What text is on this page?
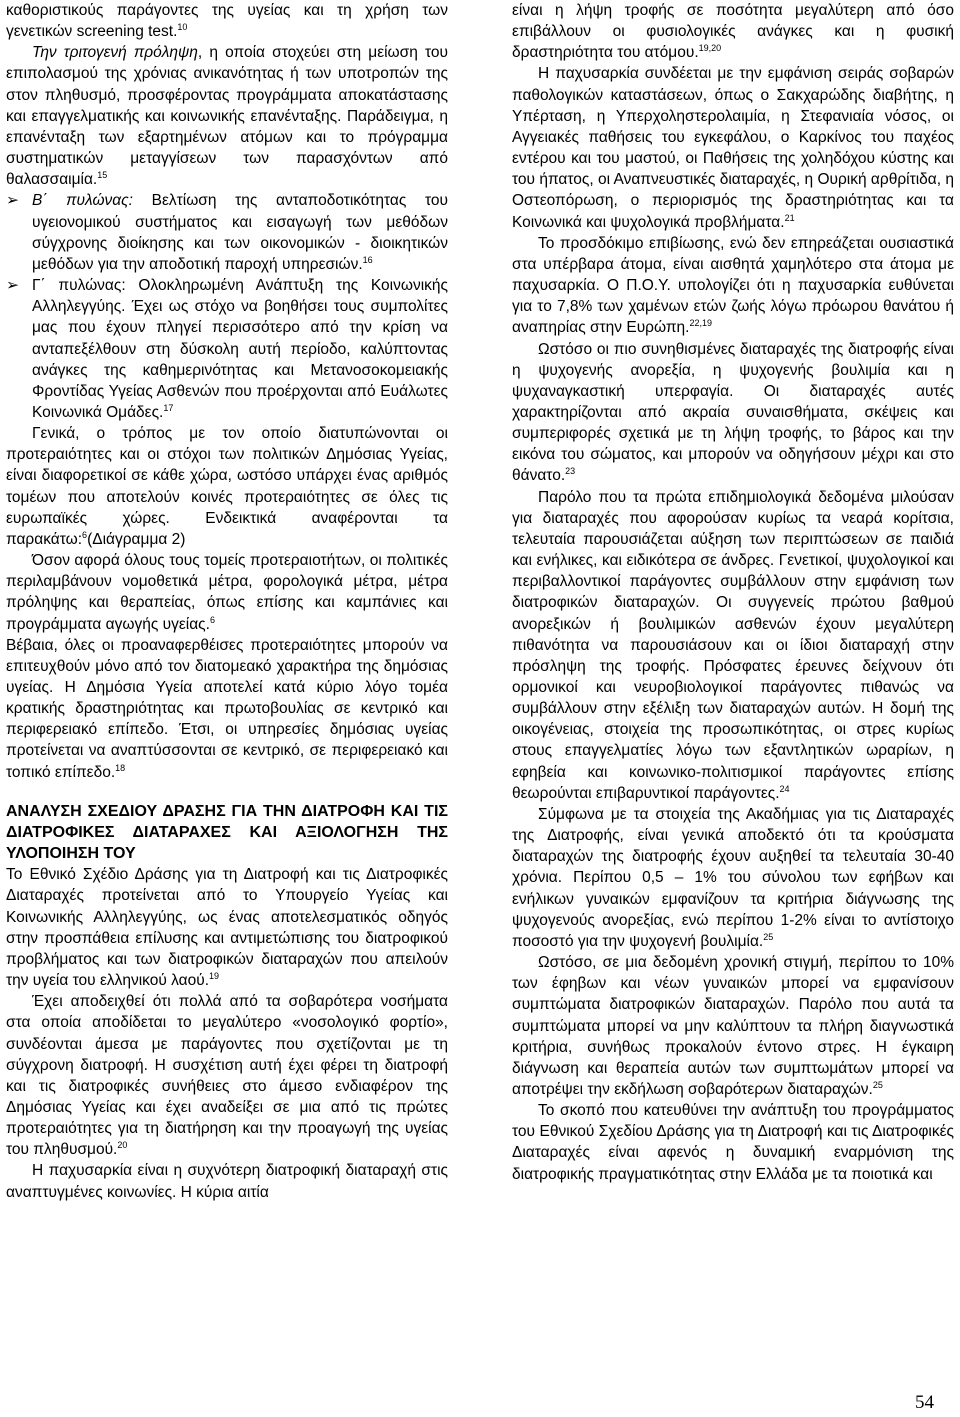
καθοριστικούς παράγοντες της υγείας και τη χρήση των γενετικών screening test.$^{10}$

Την τριτογενή πρόληψη, η οποία στοχεύει στη μείωση του επιπολασμού της χρόνιας ανικανότητας ή των υποτροπών της στον πληθυσμό, προσφέροντας προγράμματα αποκατάστασης και επαγγελματικής και κοινωνικής επανένταξης. Παράδειγμα, η επανένταξη των εξαρτημένων ατόμων και το πρόγραμμα συστηματικών μεταγγίσεων των παρασχόντων από θαλασσαιμία.$^{15}$

➢ Β΄ πυλώνας: Βελτίωση της ανταποδοτικότητας του υγειονομικού συστήματος και εισαγωγή των μεθόδων σύγχρονης διοίκησης και των οικονομικών - διοικητικών μεθόδων για την αποδοτική παροχή υπηρεσιών.$^{16}$

➢ Γ΄ πυλώνας: Ολοκληρωμένη Ανάπτυξη της Κοινωνικής Αλληλεγγύης. Έχει ως στόχο να βοηθήσει τους συμπολίτες μας που έχουν πληγεί περισσότερο από την κρίση να ανταπεξέλθουν στη δύσκολη αυτή περίοδο, καλύπτοντας ανάγκες της καθημερινότητας και Μετανοσοκομειακής Φροντίδας Υγείας Ασθενών που προέρχονται από Ευάλωτες Κοινωνικά Ομάδες.$^{17}$

Γενικά, ο τρόπος με τον οποίο διατυπώνονται οι προτεραιότητες και οι στόχοι των πολιτικών Δημόσιας Υγείας, είναι διαφορετικοί σε κάθε χώρα, ωστόσο υπάρχει ένας αριθμός τομέων που αποτελούν κοινές προτεραιότητες σε όλες τις ευρωπαϊκές χώρες. Ενδεικτικά αναφέρονται τα παρακάτω:$^6$(Διάγραμμα 2)

Όσον αφορά όλους τους τομείς προτεραιοτήτων, οι πολιτικές περιλαμβάνουν νομοθετικά μέτρα, φορολογικά μέτρα, μέτρα πρόληψης και θεραπείας, όπως επίσης και καμπάνιες και προγράμματα αγωγής υγείας.$^6$

Βέβαια, όλες οι προαναφερθέισες προτεραιότητες μπορούν να επιτευχθούν μόνο από τον διατομεακό χαρακτήρα της δημόσιας υγείας. Η Δημόσια Υγεία αποτελεί κατά κύριο λόγο τομέα κρατικής δραστηριότητας και πρωτοβουλίας σε κεντρικό και περιφερειακό επίπεδο. Έτσι, οι υπηρεσίες δημόσιας υγείας προτείνεται να αναπτύσσονται σε κεντρικό, σε περιφερειακό και τοπικό επίπεδο.$^{18}$

ΑΝΑΛΥΣΗ ΣΧΕΔΙΟΥ ΔΡΑΣΗΣ ΓΙΑ ΤΗΝ ΔΙΑΤΡΟΦΗ ΚΑΙ ΤΙΣ ΔΙΑΤΡΟΦΙΚΕΣ ΔΙΑΤΑΡΑΧΕΣ ΚΑΙ ΑΞΙΟΛΟΓΗΣΗ ΤΗΣ ΥΛΟΠΟΙΗΣΗ ΤΟΥ

Το Εθνικό Σχέδιο Δράσης για τη Διατροφή και τις Διατροφικές Διαταραχές προτείνεται από το Υπουργείο Υγείας και Κοινωνικής Αλληλεγγύης, ως ένας αποτελεσματικός οδηγός στην προσπάθεια επίλυσης και αντιμετώπισης του διατροφικού προβλήματος και των διατροφικών διαταραχών που απειλούν την υγεία του ελληνικού λαού.$^{19}$

Έχει αποδειχθεί ότι πολλά από τα σοβαρότερα νοσήματα στα οποία αποδίδεται το μεγαλύτερο «νοσολογικό φορτίο», συνδέονται άμεσα με παράγοντες που σχετίζονται με τη σύγχρονη διατροφή. Η συσχέτιση αυτή έχει φέρει τη διατροφή και τις διατροφικές συνήθειες στο άμεσο ενδιαφέρον της Δημόσιας Υγείας και έχει αναδείξει σε μια από τις πρώτες προτεραιότητες για τη διατήρηση και την προαγωγή της υγείας του πληθυσμού.$^{20}$

Η παχυσαρκία είναι η συχνότερη διατροφική διαταραχή στις αναπτυγμένες κοινωνίες. Η κύρια αιτία

είναι η λήψη τροφής σε ποσότητα μεγαλύτερη από όσο επιβάλλουν οι φυσιολογικές ανάγκες και η φυσική δραστηριότητα του ατόμου.$^{19,20}$

Η παχυσαρκία συνδέεται με την εμφάνιση σειράς σοβαρών παθολογικών καταστάσεων, όπως ο Σακχαρώδης διαβήτης, η Υπέρταση, η Υπερχοληστερολαιμία, η Στεφανιαία νόσος, οι Αγγειακές παθήσεις του εγκεφάλου, ο Καρκίνος του παχέος εντέρου και του μαστού, οι Παθήσεις της χοληδόχου κύστης και του ήπατος, οι Αναπνευστικές διαταραχές, η Ουρική αρθρίτιδα, η Οστεοπόρωση, ο περιορισμός της δραστηριότητας και τα Κοινωνικά και ψυχολογικά προβλήματα.$^{21}$

Το προσδόκιμο επιβίωσης, ενώ δεν επηρεάζεται ουσιαστικά στα υπέρβαρα άτομα, είναι αισθητά χαμηλότερο στα άτομα με παχυσαρκία. Ο Π.Ο.Υ. υπολογίζει ότι η παχυσαρκία ευθύνεται για το 7,8% των χαμένων ετών ζωής λόγω πρόωρου θανάτου ή αναπηρίας στην Ευρώπη.$^{22,19}$

Ωστόσο οι πιο συνηθισμένες διαταραχές της διατροφής είναι η ψυχογενής ανορεξία, η ψυχογενής βουλιμία και η ψυχαναγκαστική υπερφαγία. Οι διαταραχές αυτές χαρακτηρίζονται από ακραία συναισθήματα, σκέψεις και συμπεριφορές σχετικά με τη λήψη τροφής, το βάρος και την εικόνα του σώματος, και μπορούν να οδηγήσουν μέχρι και στο θάνατο.$^{23}$

Παρόλο που τα πρώτα επιδημιολογικά δεδομένα μιλούσαν για διαταραχές που αφορούσαν κυρίως τα νεαρά κορίτσια, τελευταία παρουσιάζεται αύξηση των περιπτώσεων σε παιδιά και ενήλικες, και ειδικότερα σε άνδρες. Γενετικοί, ψυχολογικοί και περιβαλλοντικοί παράγοντες συμβάλλουν στην εμφάνιση των διατροφικών διαταραχών. Οι συγγενείς πρώτου βαθμού ανορεξικών ή βουλιμικών ασθενών έχουν μεγαλύτερη πιθανότητα να παρουσιάσουν και οι ίδιοι διαταραχή στην πρόσληψη της τροφής. Πρόσφατες έρευνες δείχνουν ότι ορμονικοί και νευροβιολογικοί παράγοντες πιθανώς να συμβάλλουν στην εξέλιξη των διαταραχών αυτών. Η δομή της οικογένειας, στοιχεία της προσωπικότητας, οι στρες κυρίως στους επαγγελματίες λόγω των εξαντλητικών ωραρίων, η εφηβεία και κοινωνικο-πολιτισμικοί παράγοντες επίσης θεωρούνται επιβαρυντικοί παράγοντες.$^{24}$

Σύμφωνα με τα στοιχεία της Ακαδήμιας για τις Διαταραχές της Διατροφής, είναι γενικά αποδεκτό ότι τα κρούσματα διαταραχών της διατροφής έχουν αυξηθεί τα τελευταία 30-40 χρόνια. Περίπου 0,5 – 1% του σύνολου των εφήβων και ενήλικων γυναικών εμφανίζουν τα κριτήρια διάγνωσης της ψυχογενούς ανορεξίας, ενώ περίπου 1-2% είναι το αντίστοιχο ποσοστό για την ψυχογενή βουλιμία.$^{25}$

Ωστόσο, σε μια δεδομένη χρονική στιγμή, περίπου το 10% των έφηβων και νέων γυναικών μπορεί να εμφανίσουν συμπτώματα διατροφικών διαταραχών. Παρόλο που αυτά τα συμπτώματα μπορεί να μην καλύπτουν τα πλήρη διαγνωστικά κριτήρια, συνήθως προκαλούν έντονο στρες. Η έγκαιρη διάγνωση και θεραπεία αυτών των συμπτωμάτων μπορεί να αποτρέψει την εκδήλωση σοβαρότερων διαταραχών.$^{25}$

Το σκοπό που κατευθύνει την ανάπτυξη του προγράμματος του Εθνικού Σχεδίου Δράσης για τη Διατροφή και τις Διατροφικές Διαταραχές είναι αφενός η δυναμική εναρμόνιση της διατροφικής πραγματικότητας στην Ελλάδα με τα ποιοτικά και

54
